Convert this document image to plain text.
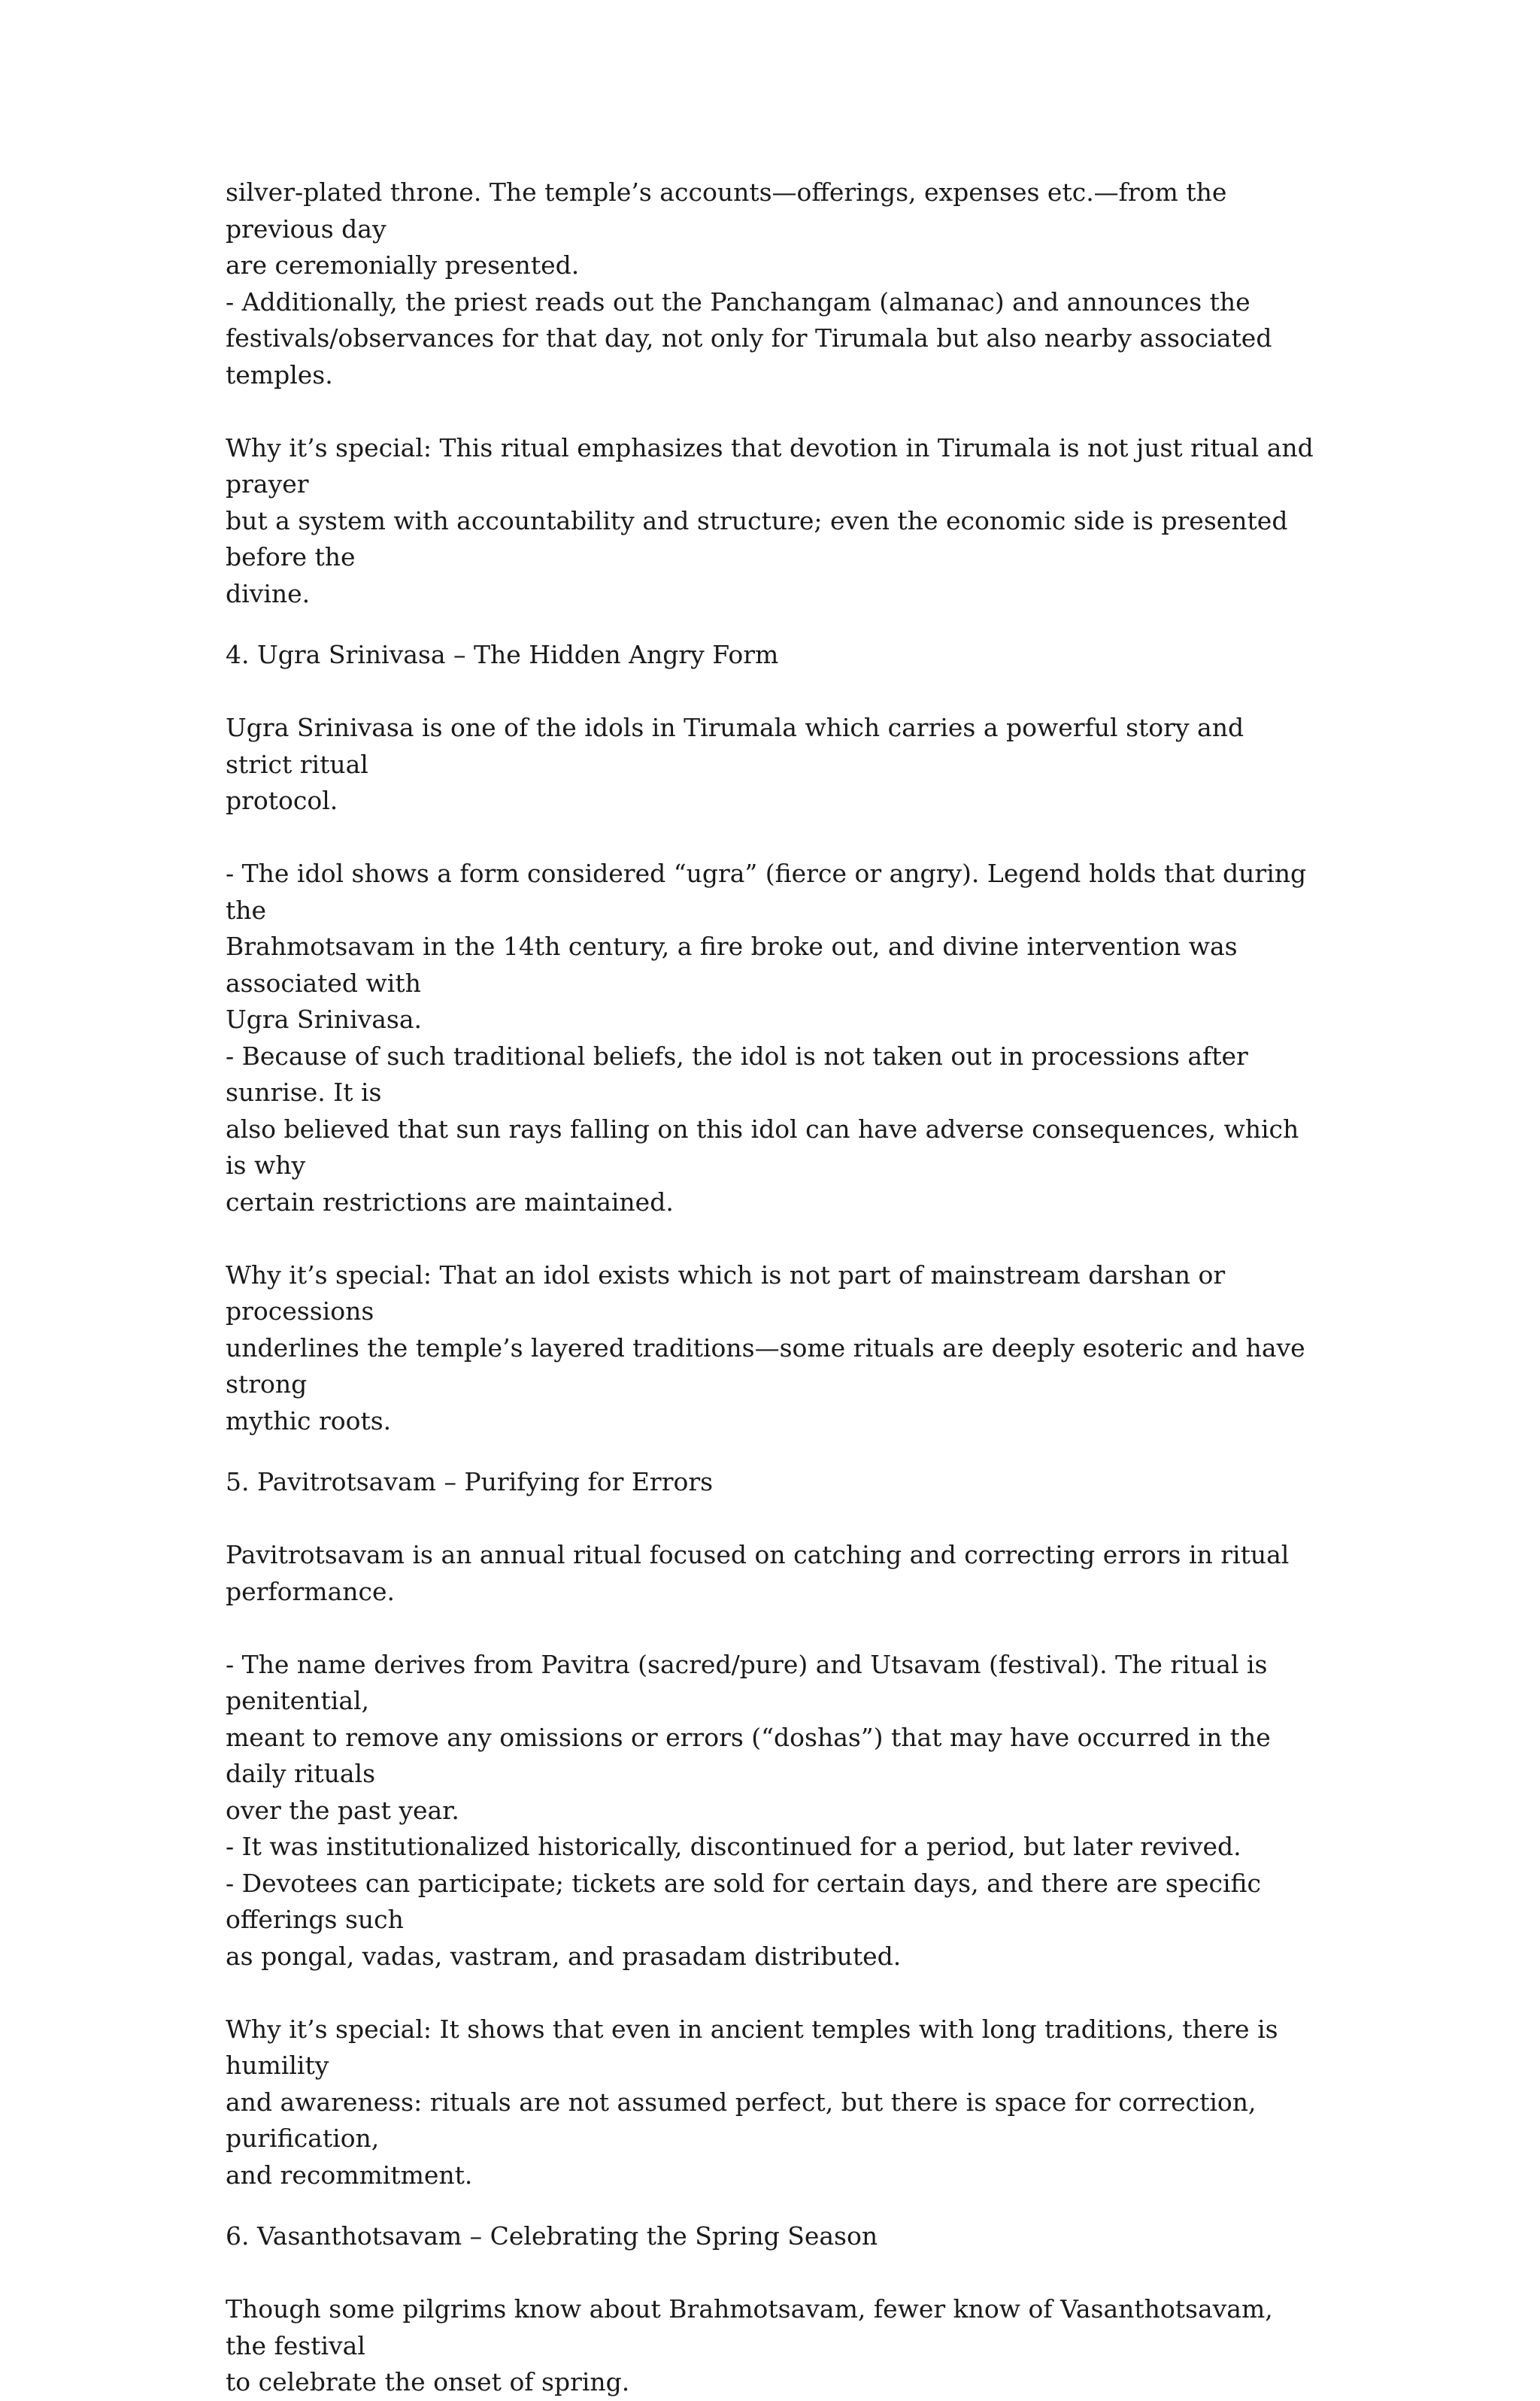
silver-plated throne. The temple’s accounts—offerings, expenses etc.—from the previous day

are ceremonially presented.

- Additionally, the priest reads out the Panchangam (almanac) and announces the

festivals/observances for that day, not only for Tirumala but also nearby associated temples.

Why it’s special: This ritual emphasizes that devotion in Tirumala is not just ritual and prayer

but a system with accountability and structure; even the economic side is presented before the

divine.

4. Ugra Srinivasa – The Hidden Angry Form

Ugra Srinivasa is one of the idols in Tirumala which carries a powerful story and strict ritual

protocol.

- The idol shows a form considered “ugra” (fierce or angry). Legend holds that during the

Brahmotsavam in the 14th century, a fire broke out, and divine intervention was associated with

Ugra Srinivasa.

- Because of such traditional beliefs, the idol is not taken out in processions after sunrise. It is

also believed that sun rays falling on this idol can have adverse consequences, which is why

certain restrictions are maintained.

Why it’s special: That an idol exists which is not part of mainstream darshan or processions

underlines the temple’s layered traditions—some rituals are deeply esoteric and have strong

mythic roots.

5. Pavitrotsavam – Purifying for Errors

Pavitrotsavam is an annual ritual focused on catching and correcting errors in ritual

performance.

- The name derives from Pavitra (sacred/pure) and Utsavam (festival). The ritual is penitential,

meant to remove any omissions or errors (“doshas”) that may have occurred in the daily rituals

over the past year.

- It was institutionalized historically, discontinued for a period, but later revived.

- Devotees can participate; tickets are sold for certain days, and there are specific offerings such

as pongal, vadas, vastram, and prasadam distributed.

Why it’s special: It shows that even in ancient temples with long traditions, there is humility

and awareness: rituals are not assumed perfect, but there is space for correction, purification,

and recommitment.

6. Vasanthotsavam – Celebrating the Spring Season

Though some pilgrims know about Brahmotsavam, fewer know of Vasanthotsavam, the festival

to celebrate the onset of spring.
